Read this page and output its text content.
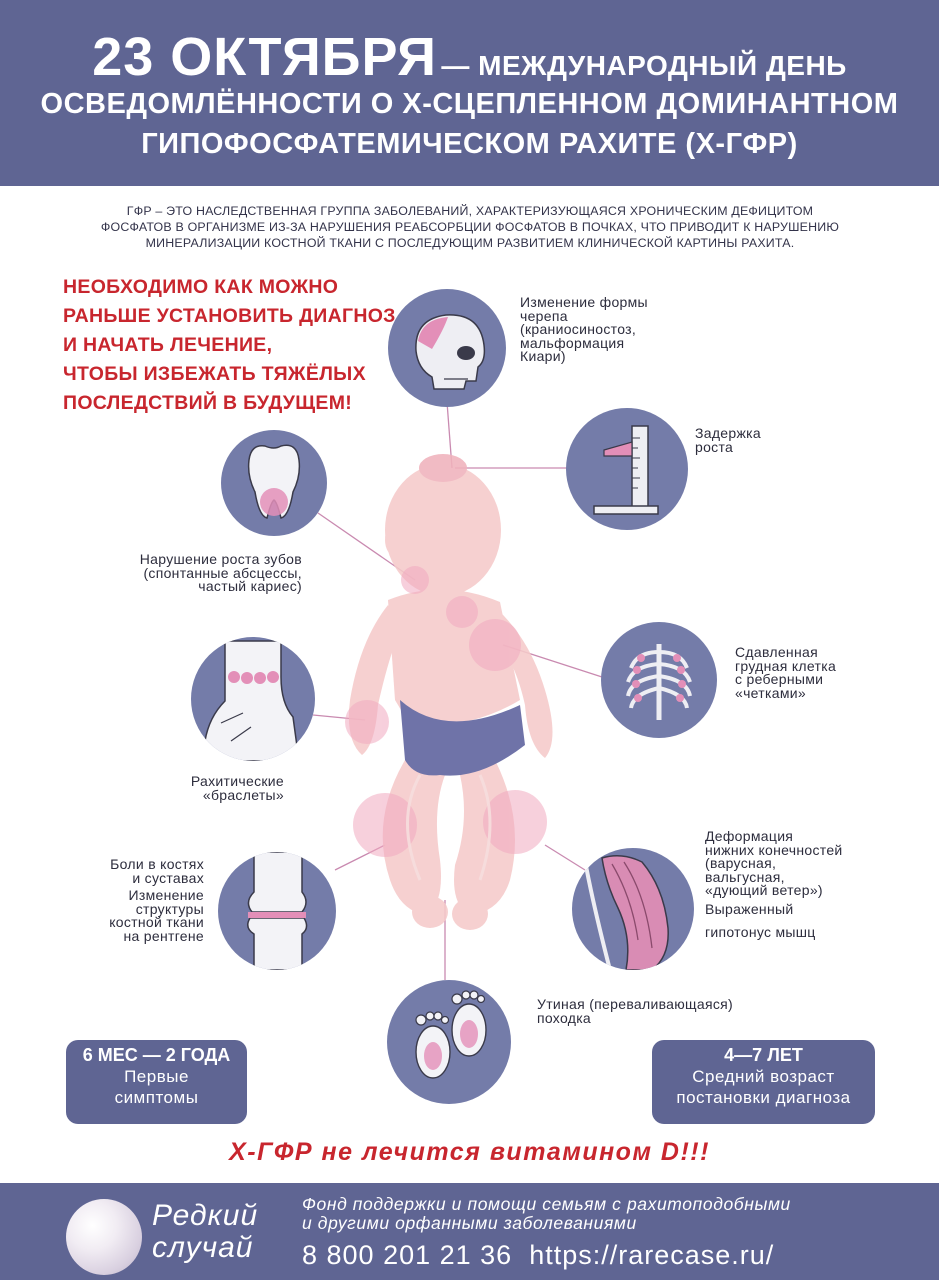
23 ОКТЯБРЯ — МЕЖДУНАРОДНЫЙ ДЕНЬ
ОСВЕДОМЛЁННОСТИ О Х-СЦЕПЛЕННОМ ДОМИНАНТНОМ
ГИПОФОСФАТЕМИЧЕСКОМ РАХИТЕ (Х-ГФР)
ГФР – ЭТО НАСЛЕДСТВЕННАЯ ГРУППА ЗАБОЛЕВАНИЙ, ХАРАКТЕРИЗУЮЩАЯСЯ ХРОНИЧЕСКИМ ДЕФИЦИТОМ
ФОСФАТОВ В ОРГАНИЗМЕ ИЗ-ЗА НАРУШЕНИЯ РЕАБСОРБЦИИ ФОСФАТОВ В ПОЧКАХ, ЧТО ПРИВОДИТ К НАРУШЕНИЮ
МИНЕРАЛИЗАЦИИ КОСТНОЙ ТКАНИ С ПОСЛЕДУЮЩИМ РАЗВИТИЕМ КЛИНИЧЕСКОЙ КАРТИНЫ РАХИТА.
НЕОБХОДИМО КАК МОЖНО
РАНЬШЕ УСТАНОВИТЬ ДИАГНОЗ
И НАЧАТЬ ЛЕЧЕНИЕ,
ЧТОБЫ ИЗБЕЖАТЬ ТЯЖЁЛЫХ
ПОСЛЕДСТВИЙ В БУДУЩЕМ!
Изменение формы
черепа
(краниосиностоз,
мальформация
Киари)
Задержка
роста
Нарушение роста зубов
(спонтанные абсцессы,
частый кариес)
Сдавленная
грудная клетка
с реберными
«четками»
Рахитические
«браслеты»
Боли в костях
и суставах
Изменение
структуры
костной ткани
на рентгене
Деформация
нижних конечностей
(варусная,
вальгусная,
«дующий ветер»)
Выраженный
гипотонус мышц
Утиная (переваливающаяся)
походка
6 МЕС — 2 ГОДА
Первые
симптомы
4—7 ЛЕТ
Средний возраст
постановки диагноза
Х-ГФР не лечится витамином D!!!
Редкий
случай
Фонд поддержки и помощи семьям с рахитоподобными
и другими орфанными заболеваниями
8 800 201 21 36 https://rarecase.ru/
